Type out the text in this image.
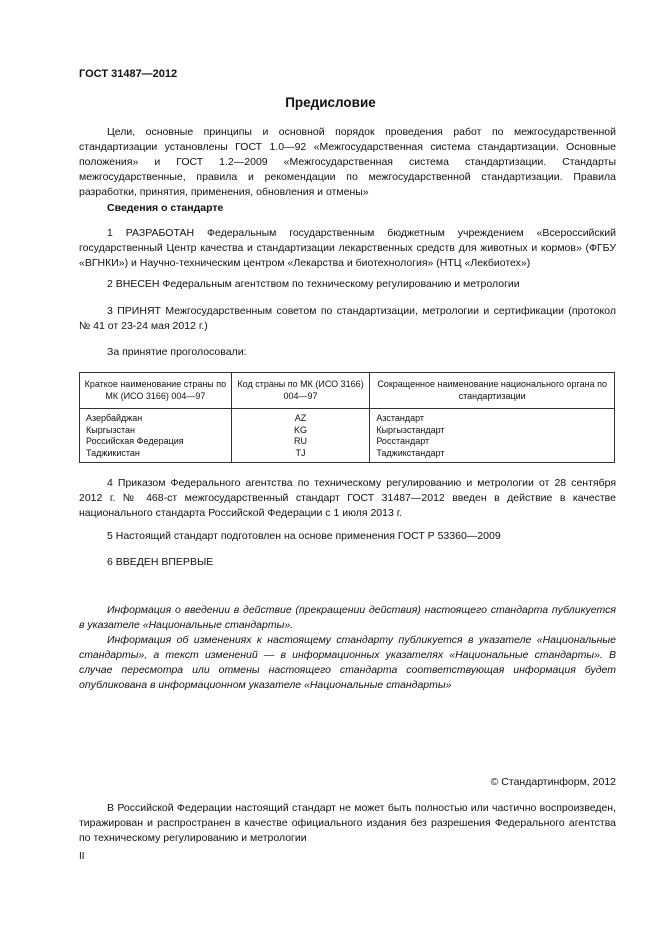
ГОСТ 31487—2012
Предисловие
Цели, основные принципы и основной порядок проведения работ по межгосударственной стандартизации установлены ГОСТ 1.0—92 «Межгосударственная система стандартизации. Основные положения» и ГОСТ 1.2—2009 «Межгосударственная система стандартизации. Стандарты межгосударственные, правила и рекомендации по межгосударственной стандартизации. Правила разработки, принятия, применения, обновления и отмены»
Сведения о стандарте
1 РАЗРАБОТАН Федеральным государственным бюджетным учреждением «Всероссийский государственный Центр качества и стандартизации лекарственных средств для животных и кормов» (ФГБУ «ВГНКИ») и Научно-техническим центром «Лекарства и биотехнология» (НТЦ «Лекбиотех»)
2 ВНЕСЕН Федеральным агентством по техническому регулированию и метрологии
3 ПРИНЯТ Межгосударственным советом по стандартизации, метрологии и сертификации (протокол № 41 от 23-24 мая 2012 г.)
За принятие проголосовали:
Краткое наименование страны по МК (ИСО 3166) 004—97	Код страны по МК (ИСО 3166) 004—97	Сокращенное наименование национального органа по стандартизации
Азербайджан	AZ	Азстандарт
Кыргызстан	KG	Кыргызстандарт
Российская Федерация	RU	Росстандарт
Таджикистан	TJ	Таджикстандарт
4 Приказом Федерального агентства по техническому регулированию и метрологии от 28 сентября 2012 г. № 468-ст межгосударственный стандарт ГОСТ 31487—2012 введен в действие в качестве национального стандарта Российской Федерации с 1 июля 2013 г.
5 Настоящий стандарт подготовлен на основе применения ГОСТ Р 53360—2009
6 ВВЕДЕН ВПЕРВЫЕ
Информация о введении в действие (прекращении действия) настоящего стандарта публикуется в указателе «Национальные стандарты».
Информация об изменениях к настоящему стандарту публикуется в указателе «Национальные стандарты», а текст изменений — в информационных указателях «Национальные стандарты». В случае пересмотра или отмены настоящего стандарта соответствующая информация будет опубликована в информационном указателе «Национальные стандарты»
© Стандартинформ, 2012
В Российской Федерации настоящий стандарт не может быть полностью или частично воспроизведен, тиражирован и распространен в качестве официального издания без разрешения Федерального агентства по техническому регулированию и метрологии
II
